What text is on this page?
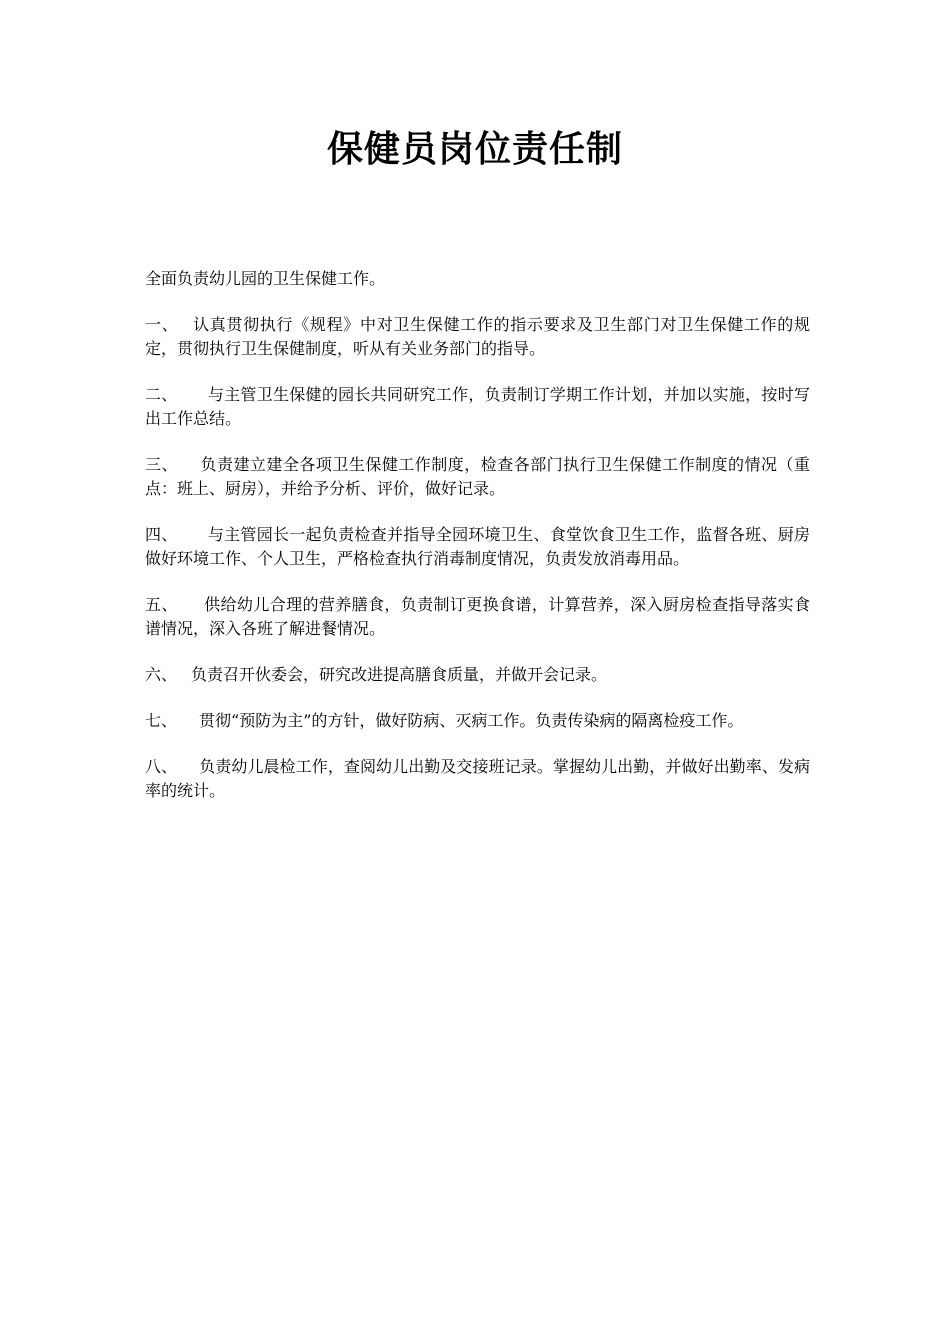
保健员岗位责任制

全面负责幼儿园的卫生保健工作。

一、 认真贯彻执行《规程》中对卫生保健工作的指示要求及卫生部门对卫生保健工作的规定，贯彻执行卫生保健制度，听从有关业务部门的指导。

二、 与主管卫生保健的园长共同研究工作，负责制订学期工作计划，并加以实施，按时写出工作总结。

三、 负责建立建全各项卫生保健工作制度，检查各部门执行卫生保健工作制度的情况（重点：班上、厨房），并给予分析、评价，做好记录。

四、 与主管园长一起负责检查并指导全园环境卫生、食堂饮食卫生工作，监督各班、厨房做好环境工作、个人卫生，严格检查执行消毒制度情况，负责发放消毒用品。

五、 供给幼儿合理的营养膳食，负责制订更换食谱，计算营养，深入厨房检查指导落实食谱情况，深入各班了解进餐情况。

六、 负责召开伙委会，研究改进提高膳食质量，并做开会记录。

七、 贯彻“预防为主”的方针，做好防病、灭病工作。负责传染病的隔离检疫工作。

八、 负责幼儿晨检工作，查阅幼儿出勤及交接班记录。掌握幼儿出勤，并做好出勤率、发病率的统计。
